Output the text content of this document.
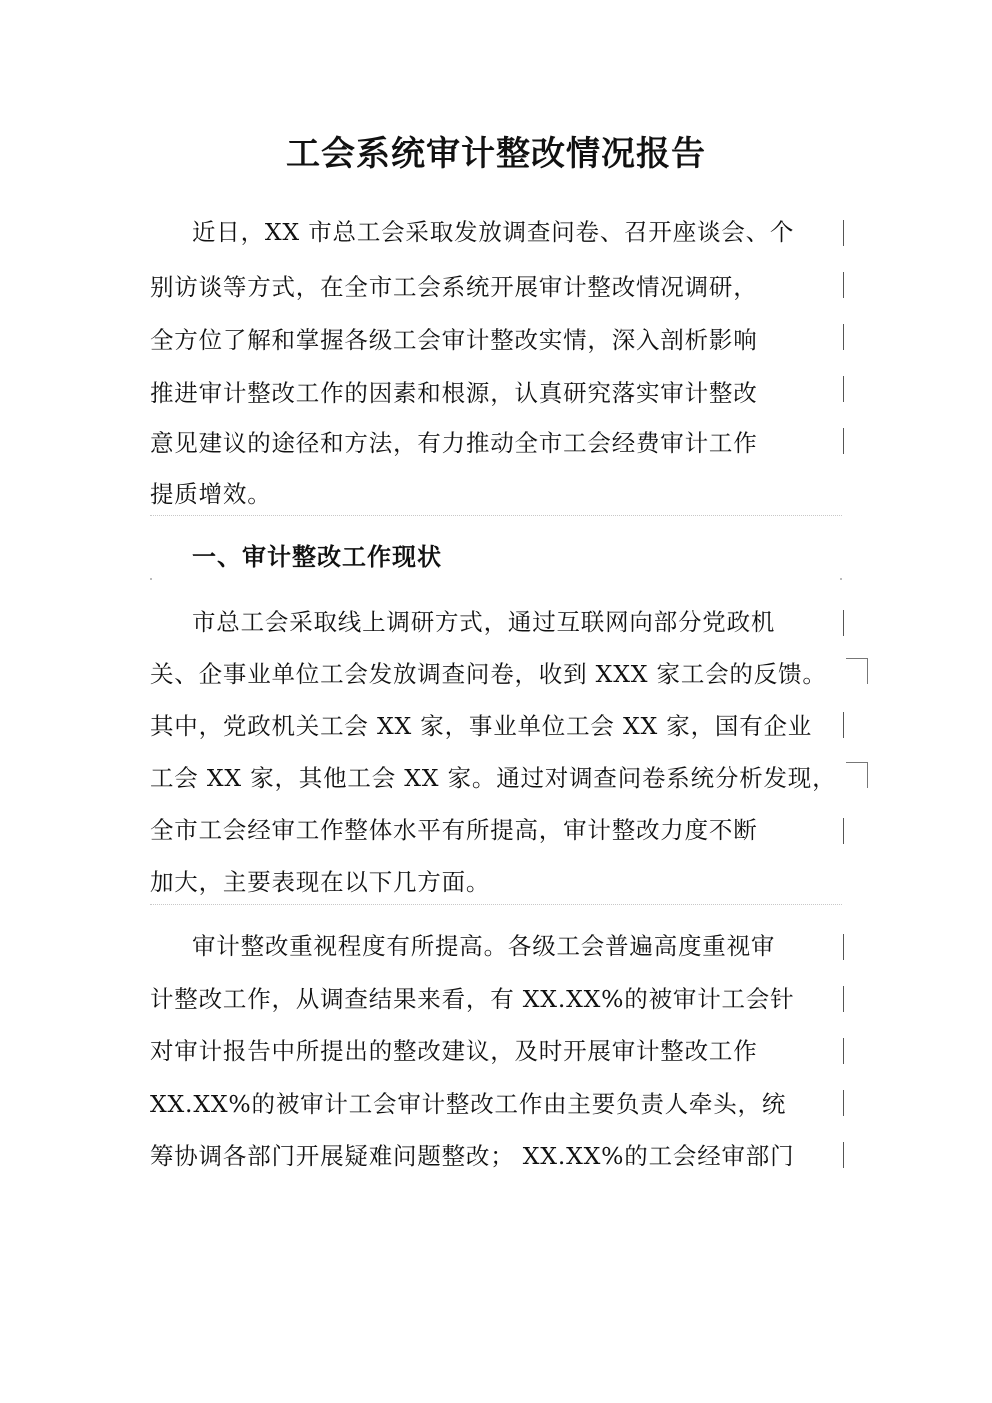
工会系统审计整改情况报告
近日，XX 市总工会采取发放调查问卷、召开座谈会、个
别访谈等方式，在全市工会系统开展审计整改情况调研，
全方位了解和掌握各级工会审计整改实情，深入剖析影响
推进审计整改工作的因素和根源，认真研究落实审计整改
意见建议的途径和方法，有力推动全市工会经费审计工作
提质增效。
一、审计整改工作现状
市总工会采取线上调研方式，通过互联网向部分党政机
关、企事业单位工会发放调查问卷，收到 XXX 家工会的反馈。
其中，党政机关工会 XX 家，事业单位工会 XX 家，国有企业
工会 XX 家，其他工会 XX 家。通过对调查问卷系统分析发现，
全市工会经审工作整体水平有所提高，审计整改力度不断
加大，主要表现在以下几方面。
审计整改重视程度有所提高。各级工会普遍高度重视审
计整改工作，从调查结果来看，有 XX.XX%的被审计工会针
对审计报告中所提出的整改建议，及时开展审计整改工作
XX.XX%的被审计工会审计整改工作由主要负责人牵头，统
筹协调各部门开展疑难问题整改； XX.XX%的工会经审部门
